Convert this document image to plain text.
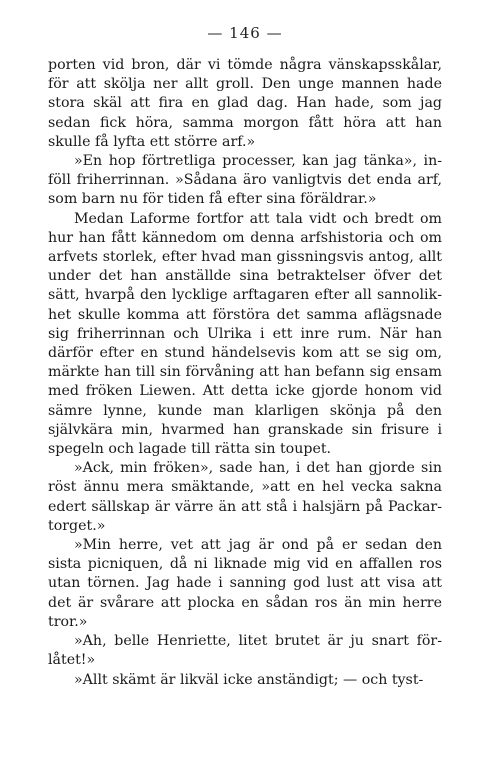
— 146 —

porten vid bron, där vi tömde några vänskapsskålar, för att skölja ner allt groll. Den unge mannen hade stora skäl att fira en glad dag. Han hade, som jag sedan fick höra, samma morgon fått höra att han skulle få lyfta ett större arf.»

»En hop förtretliga processer, kan jag tänka», inföll friherrinnan. »Sådana äro vanligtvis det enda arf, som barn nu för tiden få efter sina föräldrar.»

Medan Laforme fortfor att tala vidt och bredt om hur han fått kännedom om denna arfshistoria och om arfvets storlek, efter hvad man gissningsvis antog, allt under det han anställde sina betraktelser öfver det sätt, hvarpå den lycklige arftagaren efter all sannolikhet skulle komma att förstöra det samma aflägsnade sig friherrinnan och Ulrika i ett inre rum. När han därför efter en stund händelsevis kom att se sig om, märkte han till sin förvåning att han befann sig ensam med fröken Liewen. Att detta icke gjorde honom vid sämre lynne, kunde man klarligen skönja på den självkära min, hvarmed han granskade sin frisure i spegeln och lagade till rätta sin toupet.

»Ack, min fröken», sade han, i det han gjorde sin röst ännu mera smäktande, »att en hel vecka sakna edert sällskap är värre än att stå i halsjärn på Packartorget.»

»Min herre, vet att jag är ond på er sedan den sista picniquen, då ni liknade mig vid en affallen ros utan törnen. Jag hade i sanning god lust att visa att det är svårare att plocka en sådan ros än min herre tror.»

»Ah, belle Henriette, litet brutet är ju snart förlåtet!»

»Allt skämt är likväl icke anständigt; — och tyst-
